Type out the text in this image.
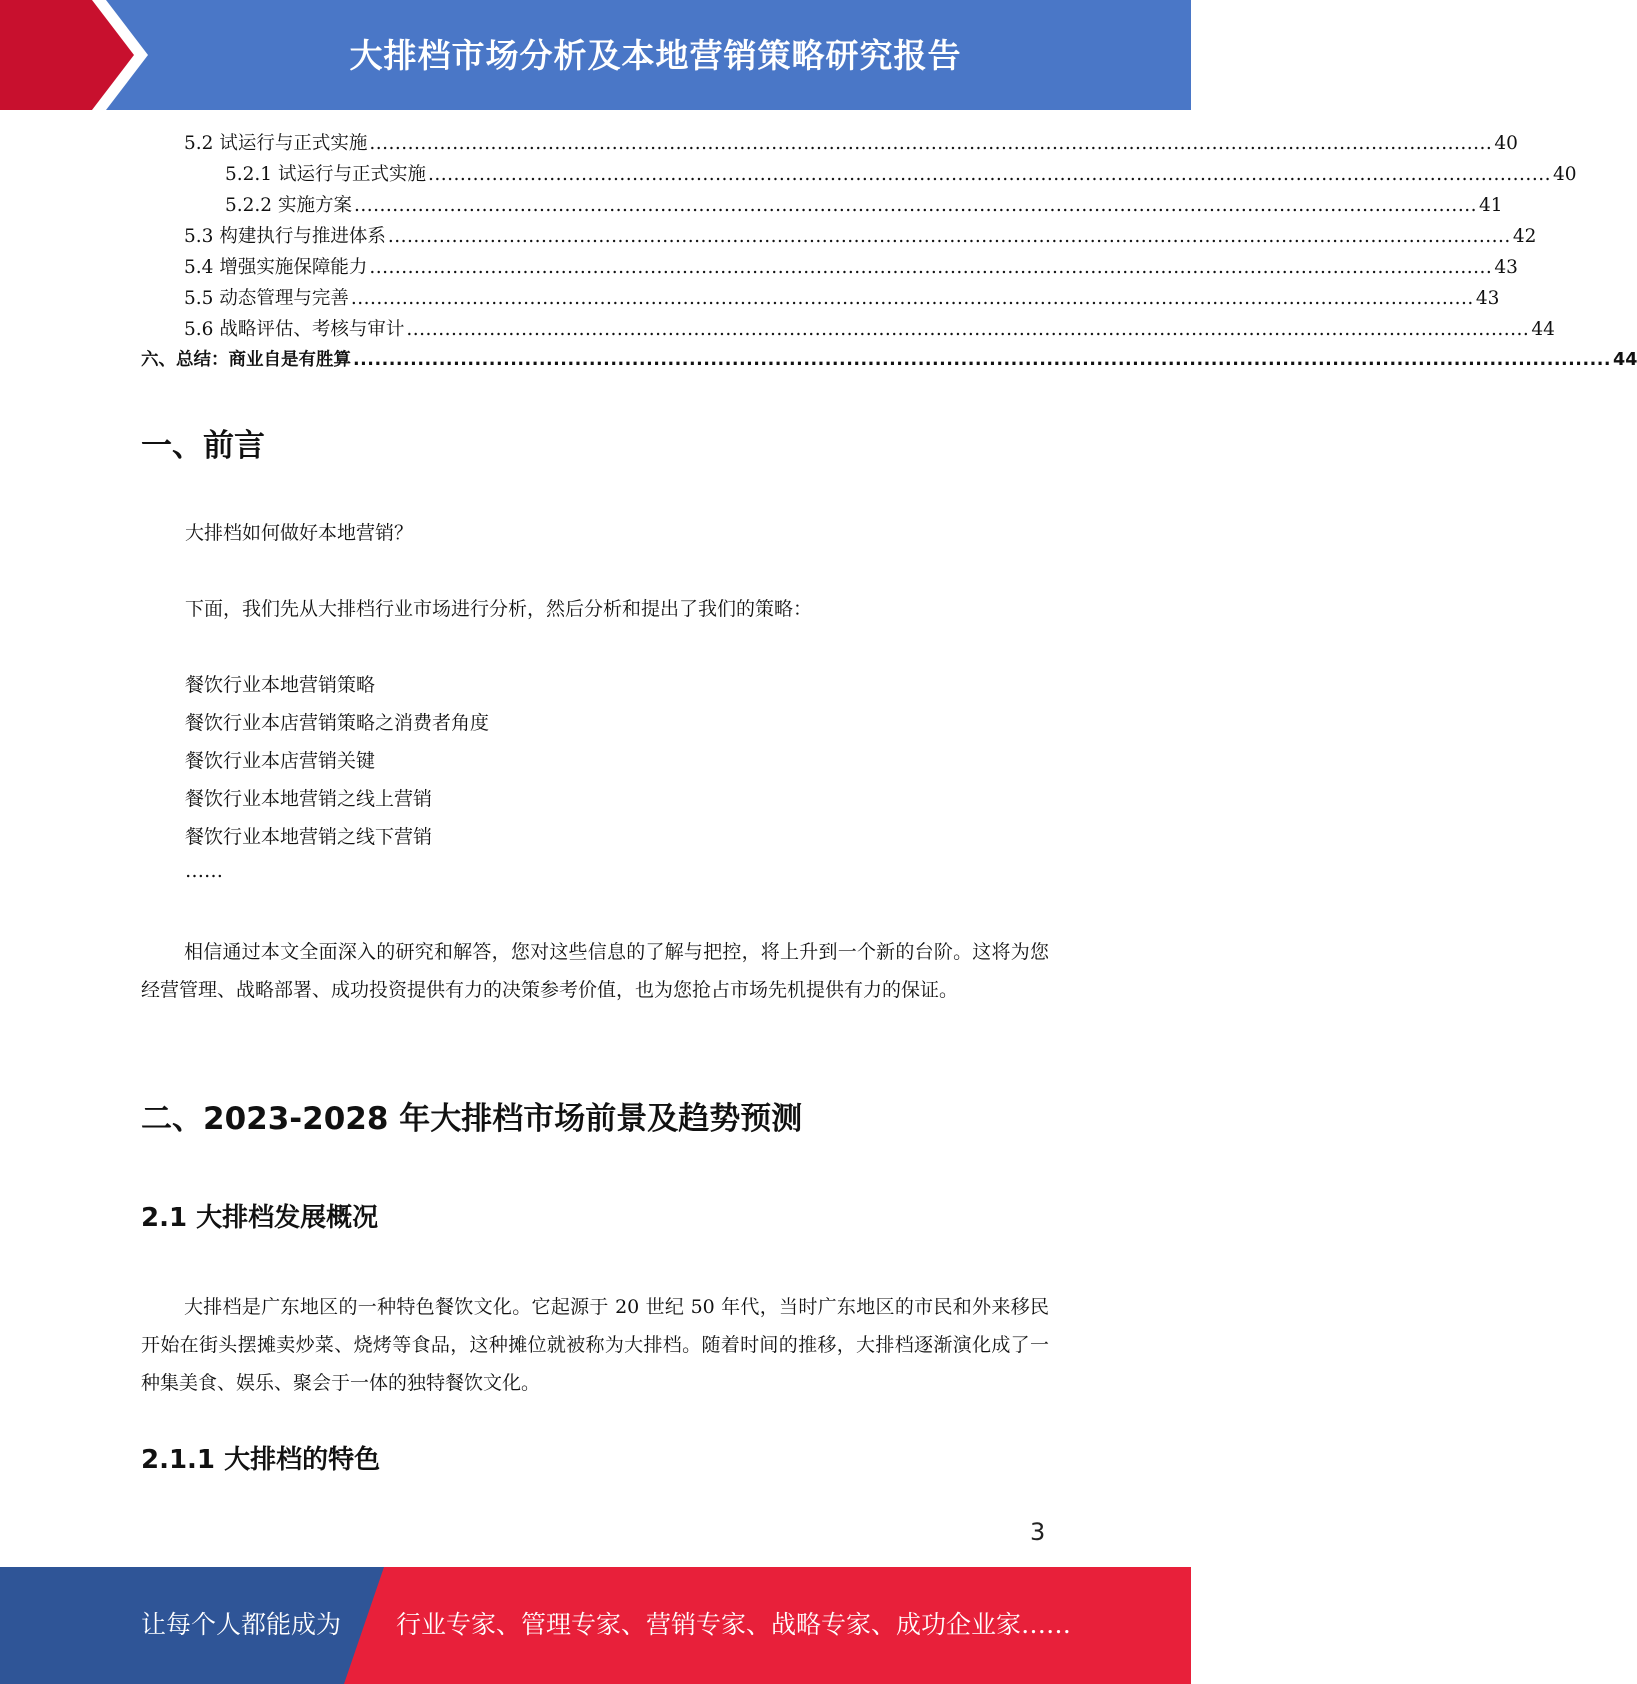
大排档市场分析及本地营销策略研究报告
5.2 试运行与正式实施 ................................................................................................................................................................................ 40
5.2.1 试运行与正式实施 ................................................................................................................................................................................ 40
5.2.2 实施方案 ................................................................................................................................................................................ 41
5.3 构建执行与推进体系 ................................................................................................................................................................................ 42
5.4 增强实施保障能力 ................................................................................................................................................................................ 43
5.5 动态管理与完善 ................................................................................................................................................................................ 43
5.6 战略评估、考核与审计 ................................................................................................................................................................................ 44
六、总结：商业自是有胜算 ................................................................................................................................................................................ 44
一、前言
大排档如何做好本地营销？
下面，我们先从大排档行业市场进行分析，然后分析和提出了我们的策略：
餐饮行业本地营销策略
餐饮行业本店营销策略之消费者角度
餐饮行业本店营销关键
餐饮行业本地营销之线上营销
餐饮行业本地营销之线下营销
……
相信通过本文全面深入的研究和解答，您对这些信息的了解与把控，将上升到一个新的台阶。这将为您经营管理、战略部署、成功投资提供有力的决策参考价值，也为您抢占市场先机提供有力的保证。
二、2023-2028 年大排档市场前景及趋势预测
2.1 大排档发展概况
大排档是广东地区的一种特色餐饮文化。它起源于 20 世纪 50 年代，当时广东地区的市民和外来移民开始在街头摆摊卖炒菜、烧烤等食品，这种摊位就被称为大排档。随着时间的推移，大排档逐渐演化成了一种集美食、娱乐、聚会于一体的独特餐饮文化。
2.1.1 大排档的特色
3
让每个人都能成为 行业专家、管理专家、营销专家、战略专家、成功企业家……
